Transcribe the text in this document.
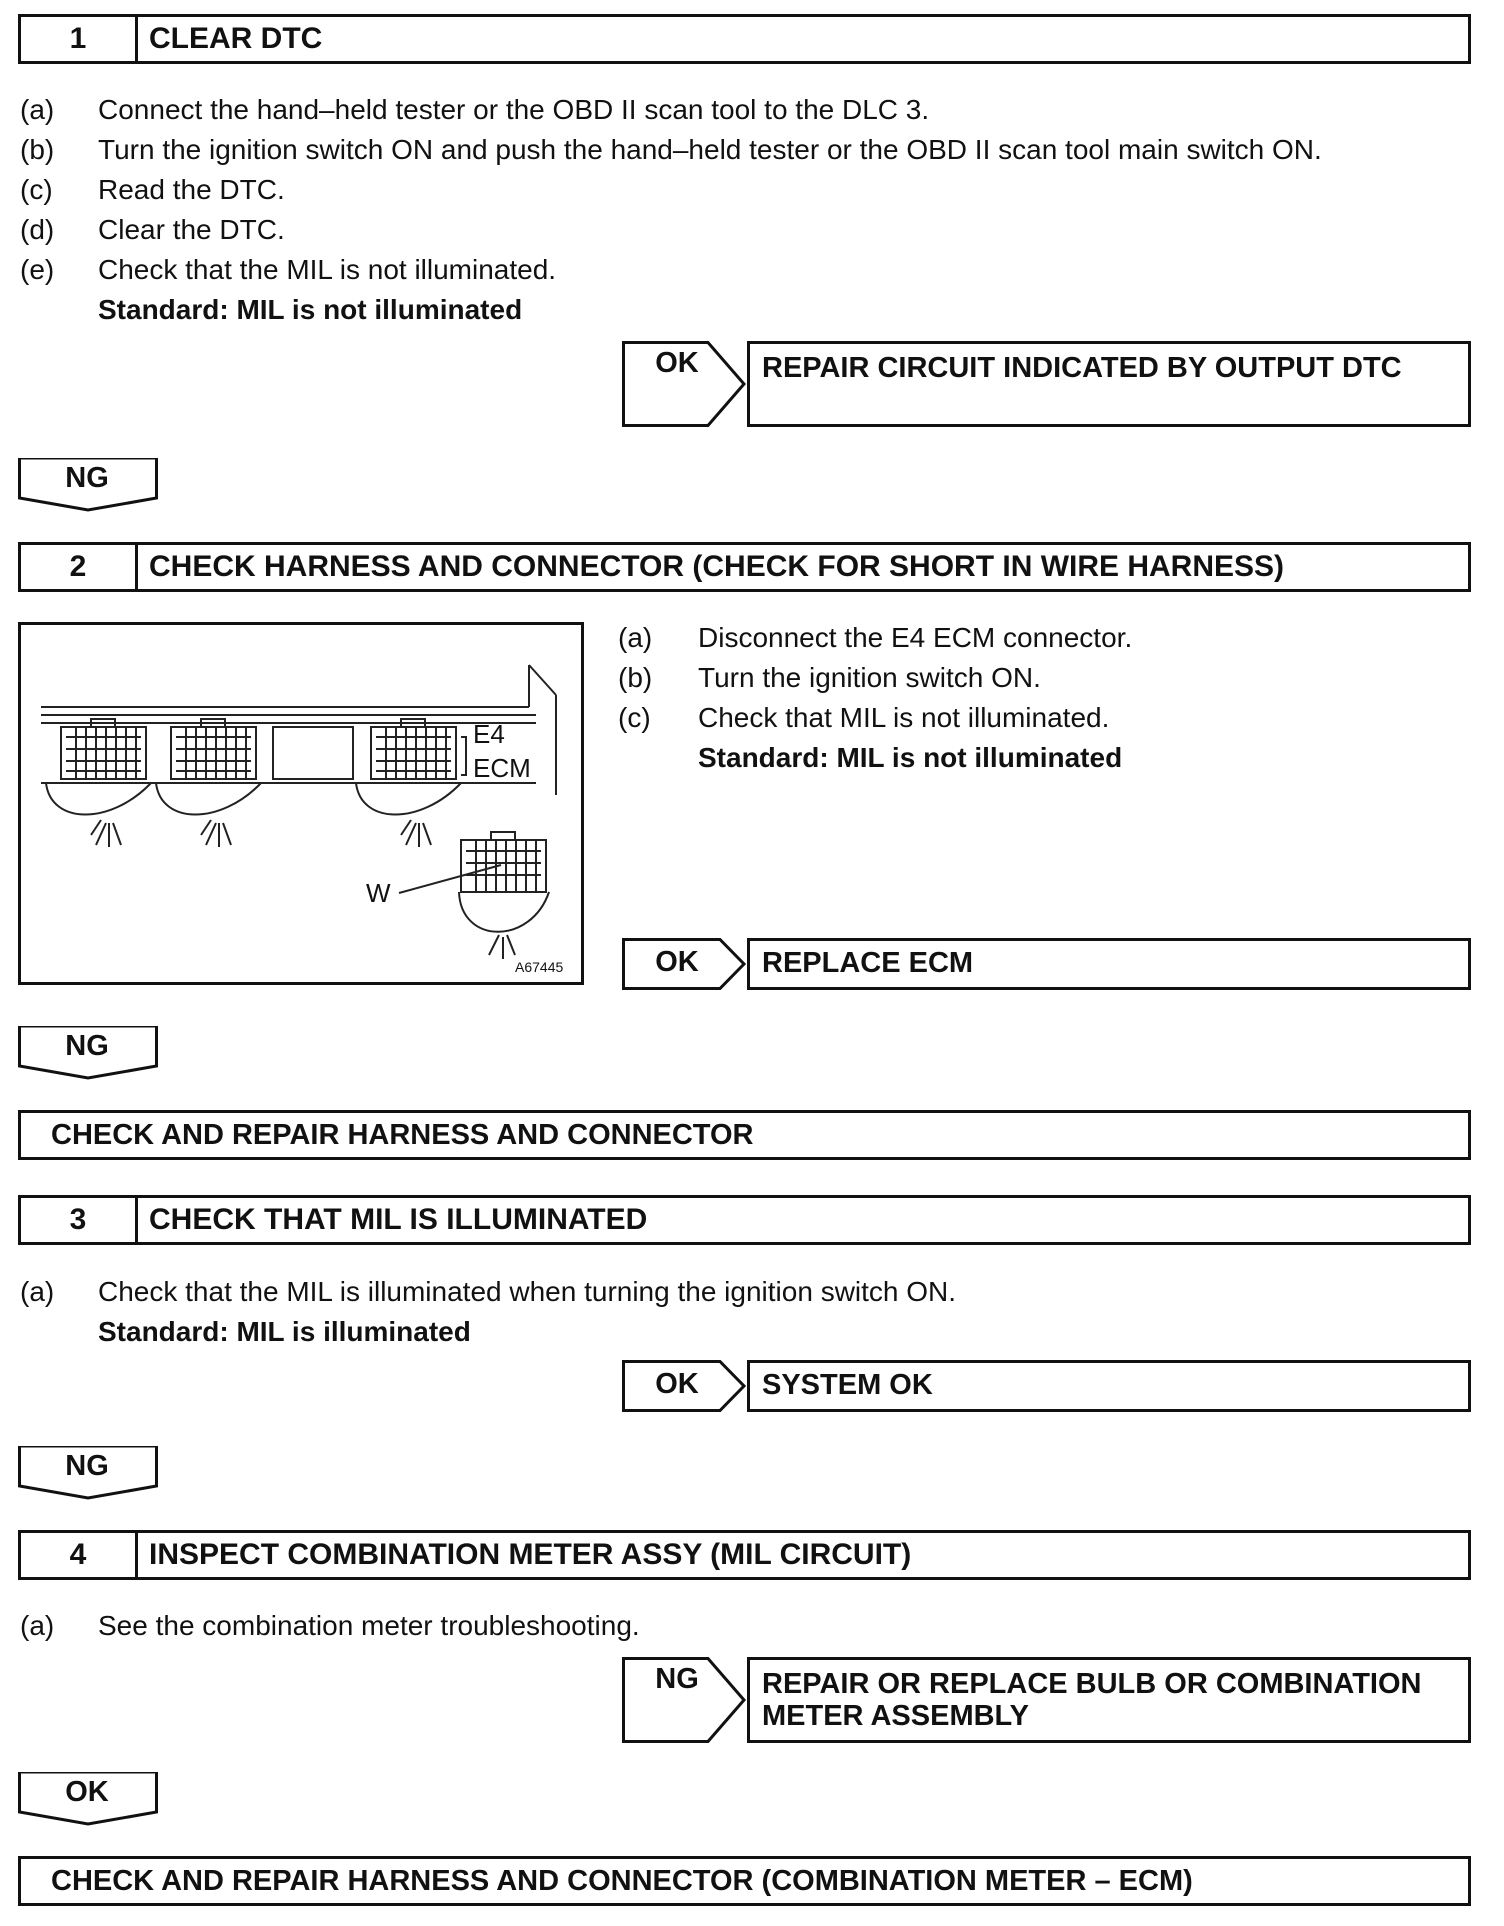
1	CLEAR DTC
(a) Connect the hand–held tester or the OBD II scan tool to the DLC 3.
(b) Turn the ignition switch ON and push the hand–held tester or the OBD II scan tool main switch ON.
(c) Read the DTC.
(d) Clear the DTC.
(e) Check that the MIL is not illuminated.
Standard: MIL is not illuminated
OK	REPAIR CIRCUIT INDICATED BY OUTPUT DTC
NG
2	CHECK HARNESS AND CONNECTOR (CHECK FOR SHORT IN WIRE HARNESS)
E4
ECM
W
A67445
(a) Disconnect the E4 ECM connector.
(b) Turn the ignition switch ON.
(c) Check that MIL is not illuminated.
Standard: MIL is not illuminated
OK	REPLACE ECM
NG
CHECK AND REPAIR HARNESS AND CONNECTOR
3	CHECK THAT MIL IS ILLUMINATED
(a) Check that the MIL is illuminated when turning the ignition switch ON.
Standard: MIL is illuminated
OK	SYSTEM OK
NG
4	INSPECT COMBINATION METER ASSY (MIL CIRCUIT)
(a) See the combination meter troubleshooting.
NG	REPAIR OR REPLACE BULB OR COMBINATION
METER ASSEMBLY
OK
CHECK AND REPAIR HARNESS AND CONNECTOR (COMBINATION METER – ECM)
